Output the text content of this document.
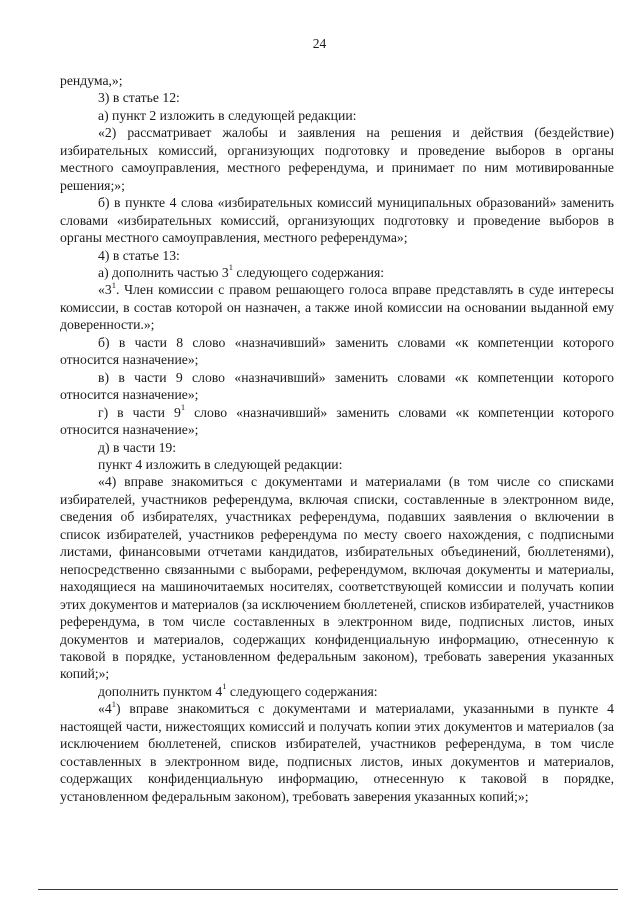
24

рендума,»;

3) в статье 12:

а) пункт 2 изложить в следующей редакции:

«2) рассматривает жалобы и заявления на решения и действия (бездействие) избирательных комиссий, организующих подготовку и проведение выборов в органы местного самоуправления, местного референдума, и принимает по ним мотивированные решения;»;

б) в пункте 4 слова «избирательных комиссий муниципальных образований» заменить словами «избирательных комиссий, организующих подготовку и проведение выборов в органы местного самоуправления, местного референдума»;

4) в статье 13:

а) дополнить частью $3^1$ следующего содержания:

«$3^1$. Член комиссии с правом решающего голоса вправе представлять в суде интересы комиссии, в состав которой он назначен, а также иной комиссии на основании выданной ему доверенности.»;

б) в части 8 слово «назначивший» заменить словами «к компетенции которого относится назначение»;

в) в части 9 слово «назначивший» заменить словами «к компетенции которого относится назначение»;

г) в части $9^1$ слово «назначивший» заменить словами «к компетенции которого относится назначение»;

д) в части 19:

пункт 4 изложить в следующей редакции:

«4) вправе знакомиться с документами и материалами (в том числе со списками избирателей, участников референдума, включая списки, составленные в электронном виде, сведения об избирателях, участниках референдума, подавших заявления о включении в список избирателей, участников референдума по месту своего нахождения, с подписными листами, финансовыми отчетами кандидатов, избирательных объединений, бюллетенями), непосредственно связанными с выборами, референдумом, включая документы и материалы, находящиеся на машиночитаемых носителях, соответствующей комиссии и получать копии этих документов и материалов (за исключением бюллетеней, списков избирателей, участников референдума, в том числе составленных в электронном виде, подписных листов, иных документов и материалов, содержащих конфиденциальную информацию, отнесенную к таковой в порядке, установленном федеральным законом), требовать заверения указанных копий;»;

дополнить пунктом $4^1$ следующего содержания:

«$4^1$) вправе знакомиться с документами и материалами, указанными в пункте 4 настоящей части, нижестоящих комиссий и получать копии этих документов и материалов (за исключением бюллетеней, списков избирателей, участников референдума, в том числе составленных в электронном виде, подписных листов, иных документов и материалов, содержащих конфиденциальную информацию, отнесенную к таковой в порядке, установленном федеральным законом), требовать заверения указанных копий;»;
